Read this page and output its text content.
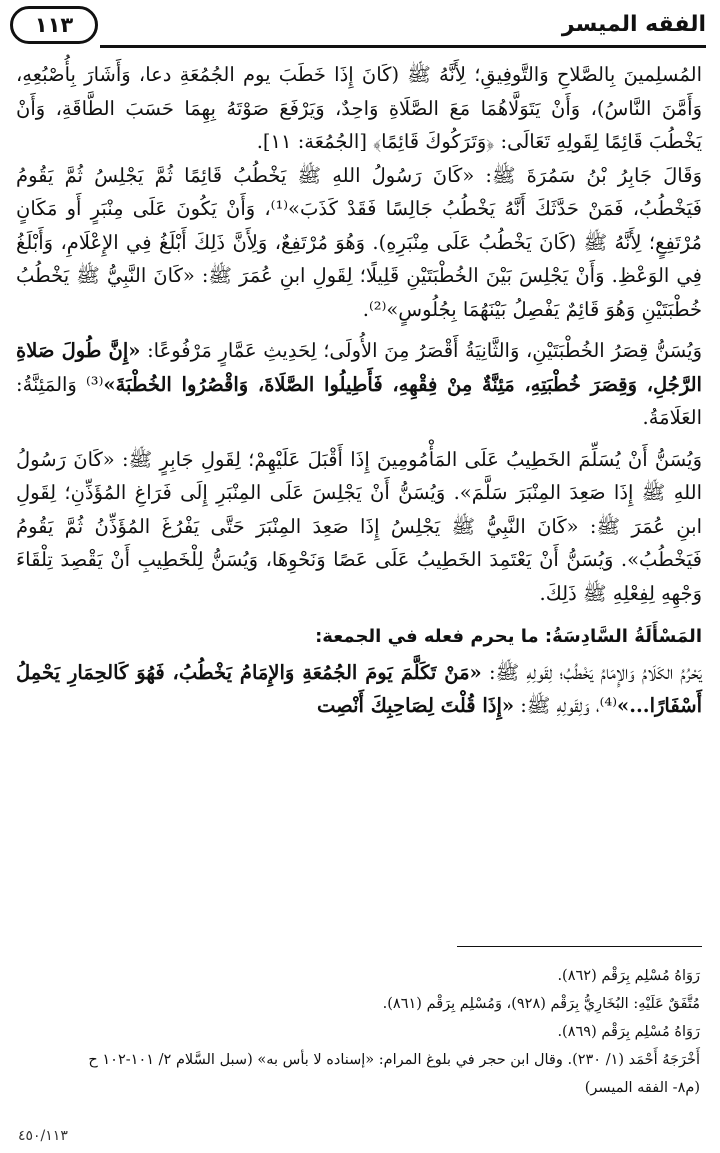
الفقه الميسر
١١٣

المُسلِمينَ بِالصَّلاحِ وَالتَّوفِيقِ؛ لِأَنَّهُ ﷺ (كَانَ إِذَا خَطَبَ يوم الجُمُعَةِ دعا، وَأَشَارَ بِأُصْبُعِهِ، وَأَمَّنَ النَّاسُ)، وَأَنْ يَتَوَلَّاهُمَا مَعَ الصَّلَاةِ وَاحِدٌ، وَيَرْفَعَ صَوْتَهُ بِهِمَا حَسَبَ الطَّاقَةِ، وَأَنْ يَخْطُبَ قَائِمًا لِقَولِهِ تَعَالَى: ﴿وَتَرَكُوكَ قَائِمًا﴾ [الجُمُعَة: ١١].

وَقَالَ جَابِرُ بْنُ سَمُرَةَ ﷺ: «كَانَ رَسُولُ اللهِ ﷺ يَخْطُبُ قَائِمًا ثُمَّ يَجْلِسُ ثُمَّ يَقُومُ فَيَخْطُبُ، فَمَنْ حَدَّثَكَ أَنَّهُ يَخْطُبُ جَالِسًا فَقَدْ كَذَبَ»⁽¹⁾، وَأَنْ يَكُونَ عَلَى مِنْبَرٍ أَو مَكَانٍ مُرْتَفِعٍ؛ لِأَنَّهُ ﷺ (كَانَ يَخْطُبُ عَلَى مِنْبَرِهِ). وَهُوَ مُرْتَفِعٌ، وَلِأَنَّ ذَلِكَ أَبْلَغُ فِي الإِعْلَامِ، وَأَبْلَغُ فِي الوَعْظِ. وَأَنْ يَجْلِسَ بَيْنَ الخُطْبَتَيْنِ قَلِيلًا؛ لِقَولِ ابنِ عُمَرَ ﷺ: «كَانَ النَّبِيُّ ﷺ يَخْطُبُ خُطْبَتَيْنِ وَهُوَ قَائِمٌ يَفْصِلُ بَيْنَهُمَا بِجُلُوسٍ»⁽²⁾.

وَيُسَنُّ قِصَرُ الخُطْبَتَيْنِ، وَالثَّانِيَةُ أَقْصَرُ مِنَ الأُولَى؛ لِحَدِيثِ عَمَّارٍ مَرْفُوعًا: «إِنَّ طُولَ صَلاةِ الرَّجُلِ، وَقِصَرَ خُطْبَتِهِ، مَئِنَّةٌ مِنْ فِقْهِهِ، فَأَطِيلُوا الصَّلَاةَ، وَاقْصُرُوا الخُطْبَةَ»⁽³⁾ وَالمَئِنَّةُ: العَلَامَةُ.

وَيُسَنُّ أَنْ يُسَلِّمَ الخَطِيبُ عَلَى المَأْمُومِينَ إِذَا أَقْبَلَ عَلَيْهِمْ؛ لِقَولِ جَابِرٍ ﷺ: «كَانَ رَسُولُ اللهِ ﷺ إِذَا صَعِدَ المِنْبَرَ سَلَّمَ». وَيُسَنُّ أَنْ يَجْلِسَ عَلَى المِنْبَرِ إِلَى فَرَاغِ المُؤَذِّنِ؛ لِقَولِ ابنِ عُمَرَ ﷺ: «كَانَ النَّبِيُّ ﷺ يَجْلِسُ إِذَا صَعِدَ المِنْبَرَ حَتَّى يَفْرُغَ المُؤَذِّنُ ثُمَّ يَقُومُ فَيَخْطُبُ». وَيُسَنُّ أَنْ يَعْتَمِدَ الخَطِيبُ عَلَى عَصًا وَنَحْوِهَا، وَيُسَنُّ لِلْخَطِيبِ أَنْ يَقْصِدَ تِلْقَاءَ وَجْهِهِ لِفِعْلِهِ ﷺ ذَلِكَ.

المَسْأَلَةُ السَّادِسَةُ: ما يحرم فعله في الجمعة:

يَحْرُمُ الكَلَامُ وَالإِمَامُ يَخْطُبُ؛ لِقَولِهِ ﷺ: «مَنْ تَكَلَّمَ يَومَ الجُمُعَةِ وَالإِمَامُ يَخْطُبُ، فَهُوَ كَالحِمَارِ يَحْمِلُ أَسْفَارًا...»⁽⁴⁾، وَلِقَولِهِ ﷺ: «إِذَا قُلْتَ لِصَاحِبِكَ أَنْصِت

رَوَاهُ مُسْلِم بِرَقْم (٨٦٢).

مُتَّفَقٌ عَلَيْهِ: البُخَارِيُّ بِرَقْم (٩٢٨)، وَمُسْلِم بِرَقْم (٨٦١).

رَوَاهُ مُسْلِم بِرَقْم (٨٦٩).

أَخْرَجَهُ أَحْمَد (١/ ٢٣٠). وقال ابن حجر في بلوغ المرام: «إسناده لا بأس به» (سبل السَّلام ٢/ ١٠١-١٠٢ ح

(م٨- الفقه الميسر)

٤٥٠/١١٣
